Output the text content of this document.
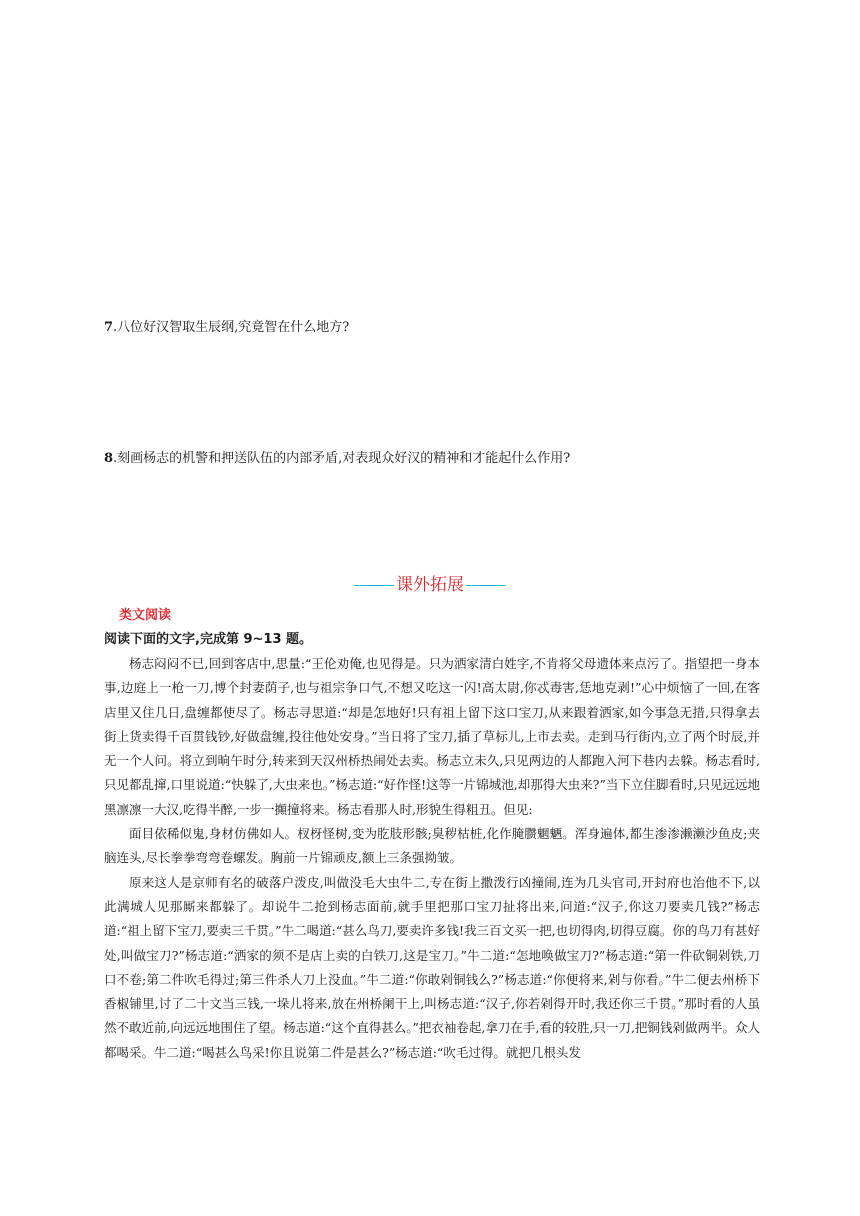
7.八位好汉智取生辰纲,究竟智在什么地方?
8.刻画杨志的机警和押送队伍的内部矛盾,对表现众好汉的精神和才能起什么作用?
课外拓展
类文阅读
阅读下面的文字,完成第 9~13 题。

杨志闷闷不已,回到客店中,思量:“王伦劝俺,也见得是。只为洒家清白姓字,不肯将父母遗体来点污了。指望把一身本事,边庭上一枪一刀,博个封妻荫子,也与祖宗争口气,不想又吃这一闪!高太尉,你忒毒害,恁地克剥!”心中烦恼了一回,在客店里又住几日,盘缠都使尽了。杨志寻思道:“却是怎地好!只有祖上留下这口宝刀,从来跟着洒家,如今事急无措,只得拿去街上货卖得千百贯钱钞,好做盘缠,投往他处安身。”当日将了宝刀,插了草标儿,上市去卖。走到马行街内,立了两个时辰,并无一个人问。将立到晌午时分,转来到天汉州桥热闹处去卖。杨志立未久,只见两边的人都跑入河下巷内去躲。杨志看时,只见都乱撺,口里说道:“快躲了,大虫来也。”杨志道:“好作怪!这等一片锦城池,却那得大虫来?”当下立住脚看时,只见远远地黑凛凛一大汉,吃得半醉,一步一攧撞将来。杨志看那人时,形貌生得粗丑。但见:

面目依稀似鬼,身材仿佛如人。杈枒怪树,变为肐肢形骸;臭秽枯桩,化作腌臜魍魉。浑身遍体,都生渗渗濑濑沙鱼皮;夹脑连头,尽长拳拳弯弯卷螺发。胸前一片锦顽皮,额上三条强拗皱。

原来这人是京师有名的破落户泼皮,叫做没毛大虫牛二,专在街上撒泼行凶撞闹,连为几头官司,开封府也治他不下,以此满城人见那厮来都躲了。却说牛二抢到杨志面前,就手里把那口宝刀扯将出来,问道:“汉子,你这刀要卖几钱?”杨志道:“祖上留下宝刀,要卖三千贯。”牛二喝道:“甚么鸟刀,要卖许多钱!我三百文买一把,也切得肉,切得豆腐。你的鸟刀有甚好处,叫做宝刀?”杨志道:“洒家的须不是店上卖的白铁刀,这是宝刀。”牛二道:“怎地唤做宝刀?”杨志道:“第一件砍铜剁铁,刀口不卷;第二件吹毛得过;第三件杀人刀上没血。”牛二道:“你敢剁铜钱么?”杨志道:“你便将来,剁与你看。”牛二便去州桥下香椒铺里,讨了二十文当三钱,一垛儿将来,放在州桥阑干上,叫杨志道:“汉子,你若剁得开时,我还你三千贯。”那时看的人虽然不敢近前,向远远地围住了望。杨志道:“这个直得甚么。”把衣袖卷起,拿刀在手,看的较胜,只一刀,把铜钱剁做两半。众人都喝采。牛二道:“喝甚么鸟采!你且说第二件是甚么?”杨志道:“吹毛过得。就把几根头发
